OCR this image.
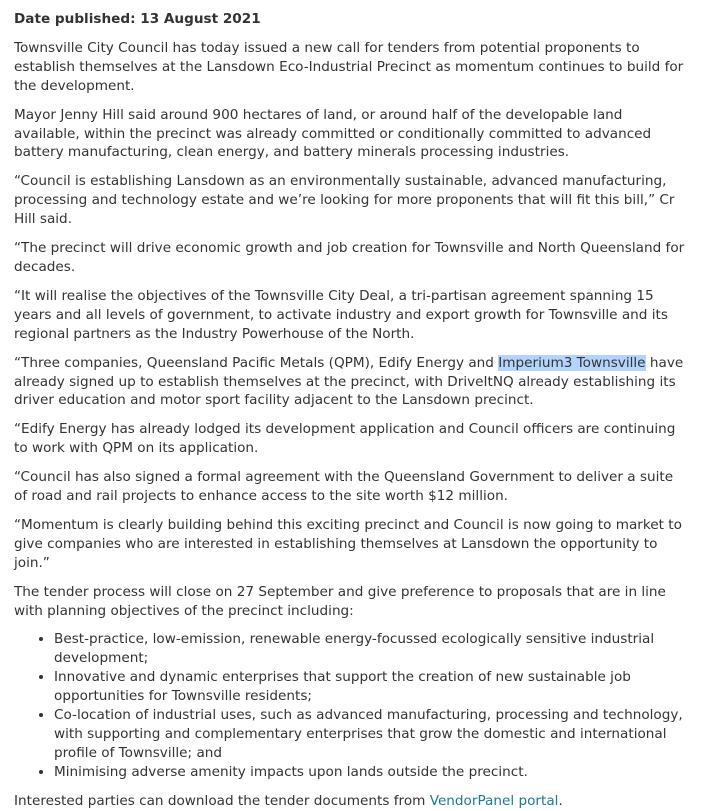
Date published: 13 August 2021

Townsville City Council has today issued a new call for tenders from potential proponents to establish themselves at the Lansdown Eco-Industrial Precinct as momentum continues to build for the development.

Mayor Jenny Hill said around 900 hectares of land, or around half of the developable land available, within the precinct was already committed or conditionally committed to advanced battery manufacturing, clean energy, and battery minerals processing industries.

“Council is establishing Lansdown as an environmentally sustainable, advanced manufacturing, processing and technology estate and we’re looking for more proponents that will fit this bill,” Cr Hill said.

“The precinct will drive economic growth and job creation for Townsville and North Queensland for decades.

“It will realise the objectives of the Townsville City Deal, a tri-partisan agreement spanning 15 years and all levels of government, to activate industry and export growth for Townsville and its regional partners as the Industry Powerhouse of the North.

“Three companies, Queensland Pacific Metals (QPM), Edify Energy and Imperium3 Townsville have already signed up to establish themselves at the precinct, with DriveItNQ already establishing its driver education and motor sport facility adjacent to the Lansdown precinct.

“Edify Energy has already lodged its development application and Council officers are continuing to work with QPM on its application.

“Council has also signed a formal agreement with the Queensland Government to deliver a suite of road and rail projects to enhance access to the site worth $12 million.

“Momentum is clearly building behind this exciting precinct and Council is now going to market to give companies who are interested in establishing themselves at Lansdown the opportunity to join.”

The tender process will close on 27 September and give preference to proposals that are in line with planning objectives of the precinct including:

• Best-practice, low-emission, renewable energy-focussed ecologically sensitive industrial development;
• Innovative and dynamic enterprises that support the creation of new sustainable job opportunities for Townsville residents;
• Co-location of industrial uses, such as advanced manufacturing, processing and technology, with supporting and complementary enterprises that grow the domestic and international profile of Townsville; and
• Minimising adverse amenity impacts upon lands outside the precinct.

Interested parties can download the tender documents from VendorPanel portal.
